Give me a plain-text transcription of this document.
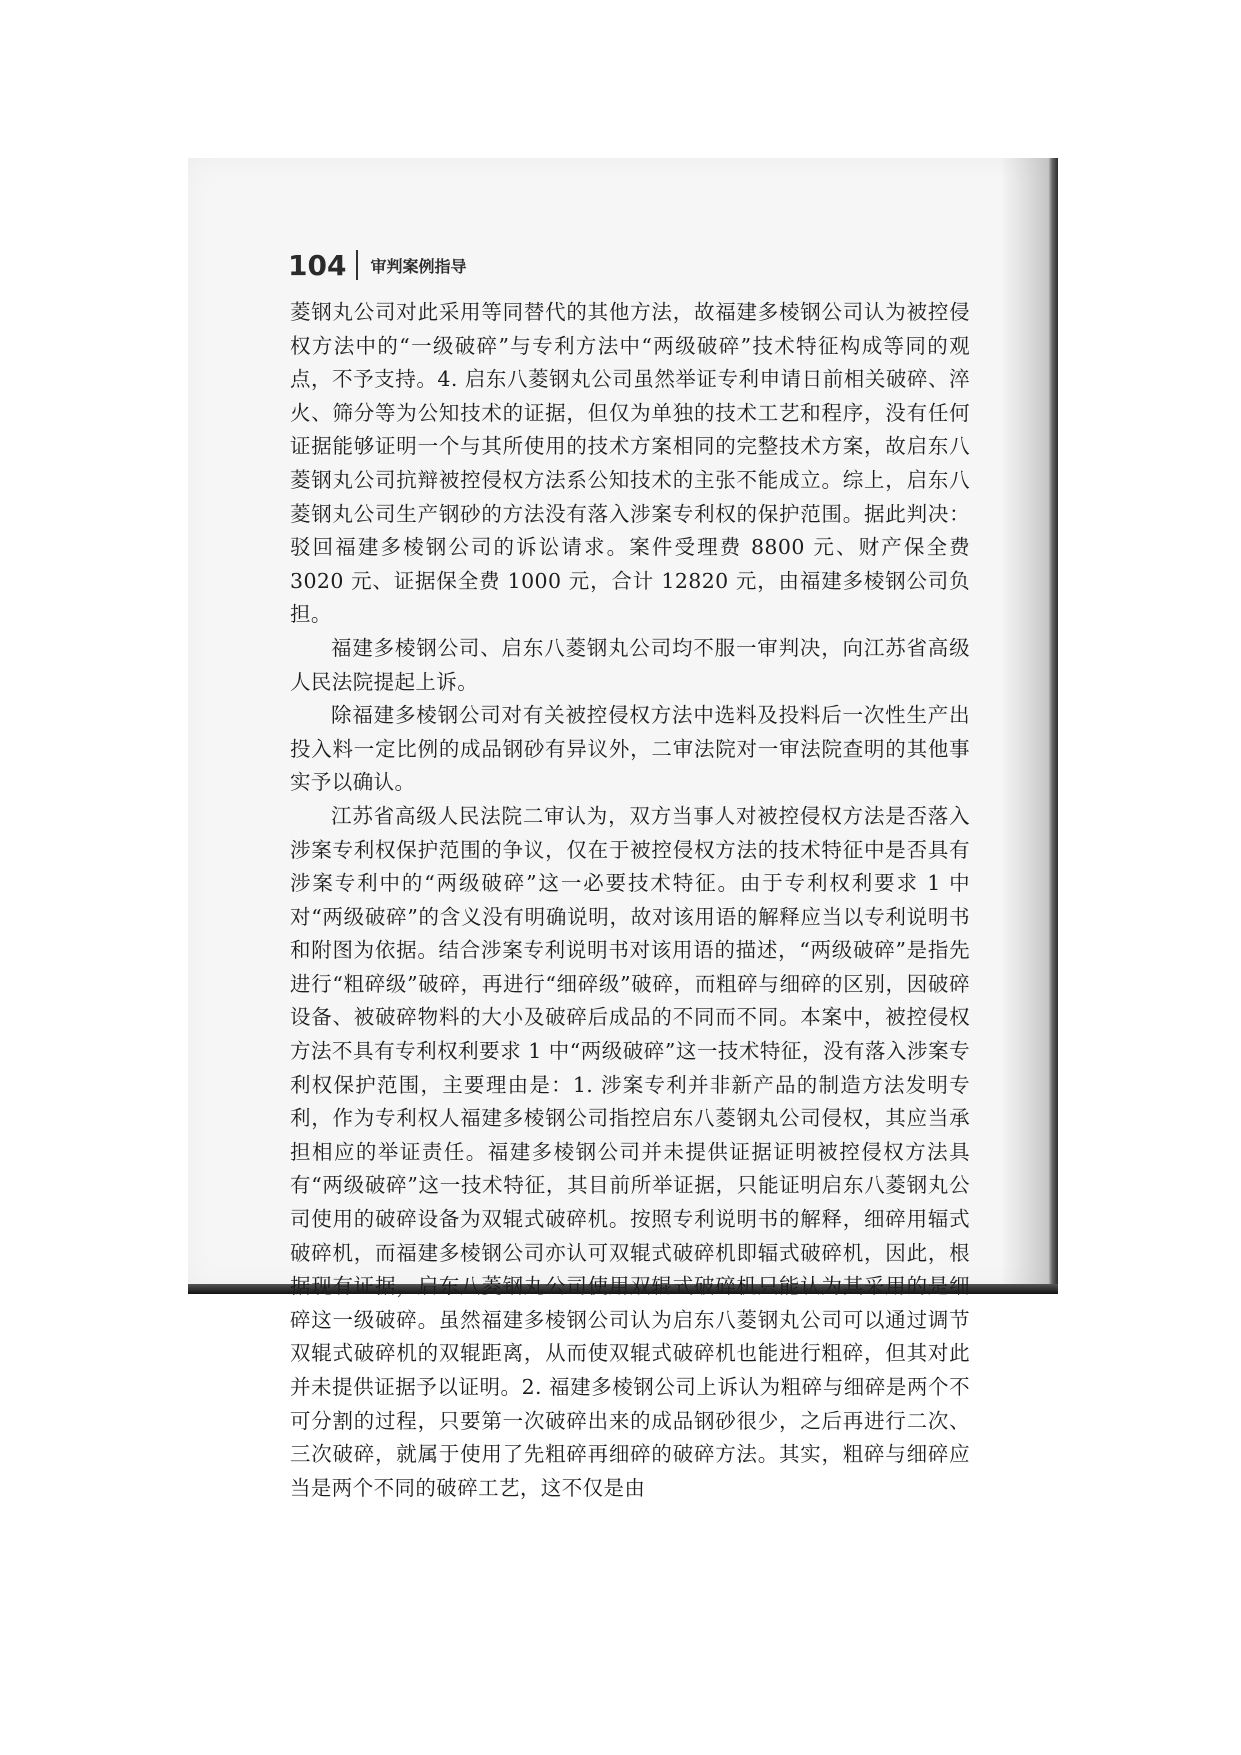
104 审判案例指导

菱钢丸公司对此采用等同替代的其他方法，故福建多棱钢公司认为被控侵权方法中的“一级破碎”与专利方法中“两级破碎”技术特征构成等同的观点，不予支持。4. 启东八菱钢丸公司虽然举证专利申请日前相关破碎、淬火、筛分等为公知技术的证据，但仅为单独的技术工艺和程序，没有任何证据能够证明一个与其所使用的技术方案相同的完整技术方案，故启东八菱钢丸公司抗辩被控侵权方法系公知技术的主张不能成立。综上，启东八菱钢丸公司生产钢砂的方法没有落入涉案专利权的保护范围。据此判决：驳回福建多棱钢公司的诉讼请求。案件受理费 8800 元、财产保全费 3020 元、证据保全费 1000 元，合计 12820 元，由福建多棱钢公司负担。

福建多棱钢公司、启东八菱钢丸公司均不服一审判决，向江苏省高级人民法院提起上诉。

除福建多棱钢公司对有关被控侵权方法中选料及投料后一次性生产出投入料一定比例的成品钢砂有异议外，二审法院对一审法院查明的其他事实予以确认。

江苏省高级人民法院二审认为，双方当事人对被控侵权方法是否落入涉案专利权保护范围的争议，仅在于被控侵权方法的技术特征中是否具有涉案专利中的“两级破碎”这一必要技术特征。由于专利权利要求 1 中对“两级破碎”的含义没有明确说明，故对该用语的解释应当以专利说明书和附图为依据。结合涉案专利说明书对该用语的描述，“两级破碎”是指先进行“粗碎级”破碎，再进行“细碎级”破碎，而粗碎与细碎的区别，因破碎设备、被破碎物料的大小及破碎后成品的不同而不同。本案中，被控侵权方法不具有专利权利要求 1 中“两级破碎”这一技术特征，没有落入涉案专利权保护范围，主要理由是：1. 涉案专利并非新产品的制造方法发明专利，作为专利权人福建多棱钢公司指控启东八菱钢丸公司侵权，其应当承担相应的举证责任。福建多棱钢公司并未提供证据证明被控侵权方法具有“两级破碎”这一技术特征，其目前所举证据，只能证明启东八菱钢丸公司使用的破碎设备为双辊式破碎机。按照专利说明书的解释，细碎用辐式破碎机，而福建多棱钢公司亦认可双辊式破碎机即辐式破碎机，因此，根据现有证据，启东八菱钢丸公司使用双辊式破碎机只能认为其采用的是细碎这一级破碎。虽然福建多棱钢公司认为启东八菱钢丸公司可以通过调节双辊式破碎机的双辊距离，从而使双辊式破碎机也能进行粗碎，但其对此并未提供证据予以证明。2. 福建多棱钢公司上诉认为粗碎与细碎是两个不可分割的过程，只要第一次破碎出来的成品钢砂很少，之后再进行二次、三次破碎，就属于使用了先粗碎再细碎的破碎方法。其实，粗碎与细碎应当是两个不同的破碎工艺，这不仅是由
